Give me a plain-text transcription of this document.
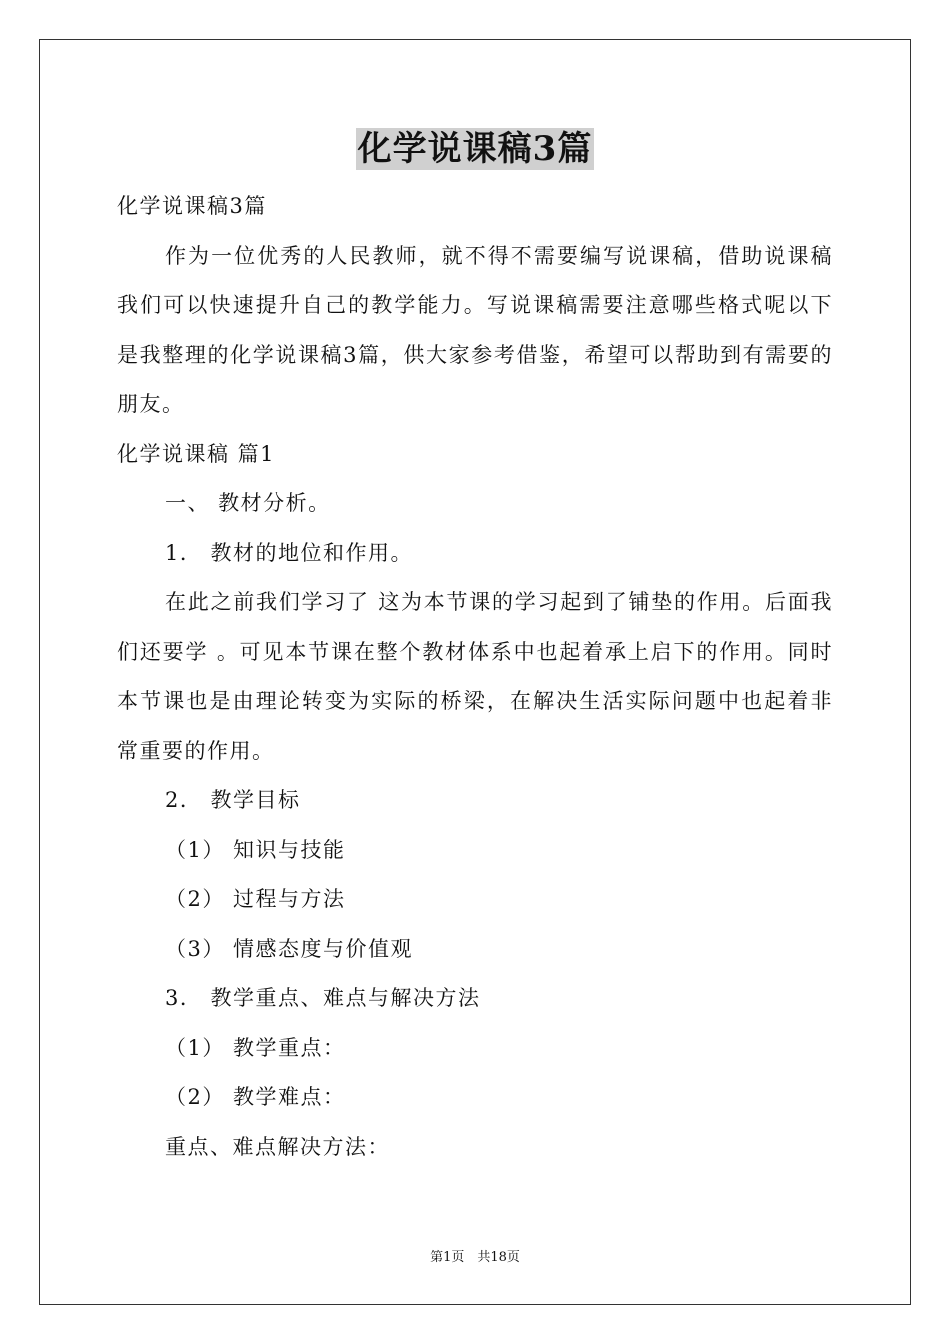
化学说课稿3篇

化学说课稿3篇

作为一位优秀的人民教师，就不得不需要编写说课稿，借助说课稿我们可以快速提升自己的教学能力。写说课稿需要注意哪些格式呢以下是我整理的化学说课稿3篇，供大家参考借鉴，希望可以帮助到有需要的朋友。

化学说课稿 篇1

一、 教材分析。

1． 教材的地位和作用。

在此之前我们学习了 这为本节课的学习起到了铺垫的作用。后面我们还要学 。可见本节课在整个教材体系中也起着承上启下的作用。同时本节课也是由理论转变为实际的桥梁，在解决生活实际问题中也起着非常重要的作用。

2． 教学目标

（1） 知识与技能

（2） 过程与方法

（3） 情感态度与价值观

3． 教学重点、难点与解决方法

（1） 教学重点：

（2） 教学难点：

重点、难点解决方法：

第1页　共18页
